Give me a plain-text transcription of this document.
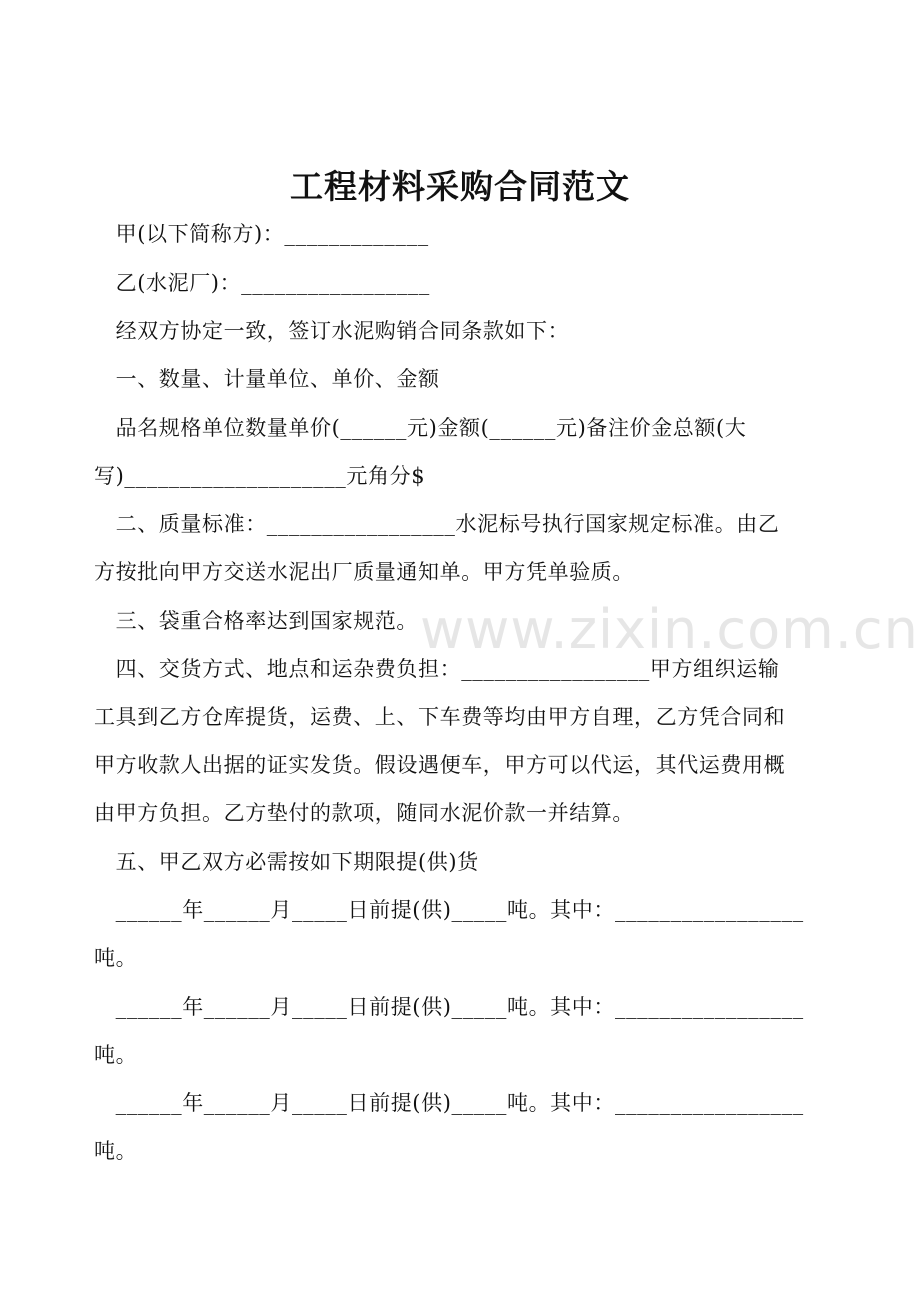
www.zixin.com.cn
工程材料采购合同范文
　甲(以下简称方)：_____________
　乙(水泥厂)：_________________
　经双方协定一致，签订水泥购销合同条款如下：
　一、数量、计量单位、单价、金额
　品名规格单位数量单价(______元)金额(______元)备注价金总额(大
写)____________________元角分$
　二、质量标准：_________________水泥标号执行国家规定标准。由乙
方按批向甲方交送水泥出厂质量通知单。甲方凭单验质。
　三、袋重合格率达到国家规范。
　四、交货方式、地点和运杂费负担：_________________甲方组织运输
工具到乙方仓库提货，运费、上、下车费等均由甲方自理，乙方凭合同和
甲方收款人出据的证实发货。假设遇便车，甲方可以代运，其代运费用概
由甲方负担。乙方垫付的款项，随同水泥价款一并结算。
　五、甲乙双方必需按如下期限提(供)货
　______年______月_____日前提(供)_____吨。其中：_________________
吨。
　______年______月_____日前提(供)_____吨。其中：_________________
吨。
　______年______月_____日前提(供)_____吨。其中：_________________
吨。
